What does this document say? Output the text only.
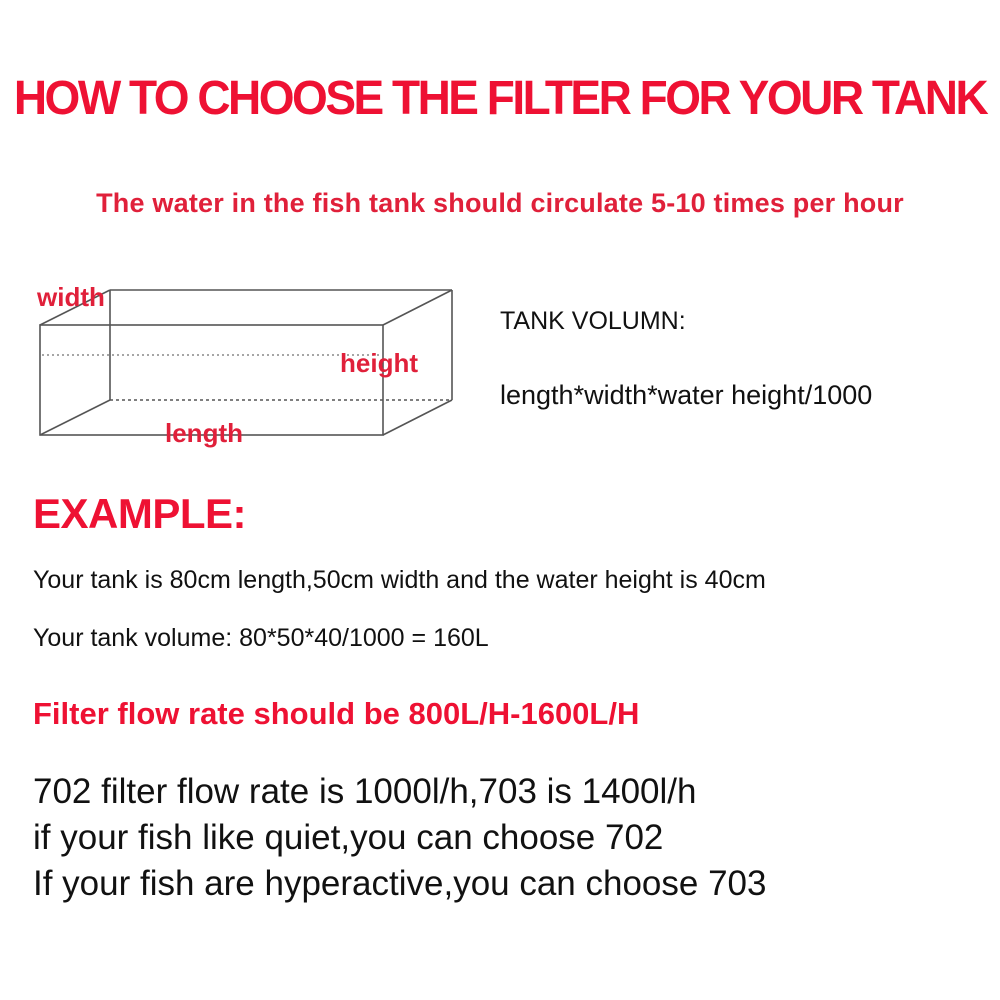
HOW TO CHOOSE THE FILTER FOR YOUR TANK
The water in the fish tank should circulate 5-10 times per hour
width
height
length
TANK VOLUMN:
length*width*water height/1000
EXAMPLE:
Your tank is 80cm length,50cm width and the water height is 40cm
Your tank volume: 80*50*40/1000 = 160L
Filter flow rate should be 800L/H-1600L/H
702 filter flow rate is 1000l/h,703 is 1400l/h
if your fish like quiet,you can choose 702
If your fish are hyperactive,you can choose 703
